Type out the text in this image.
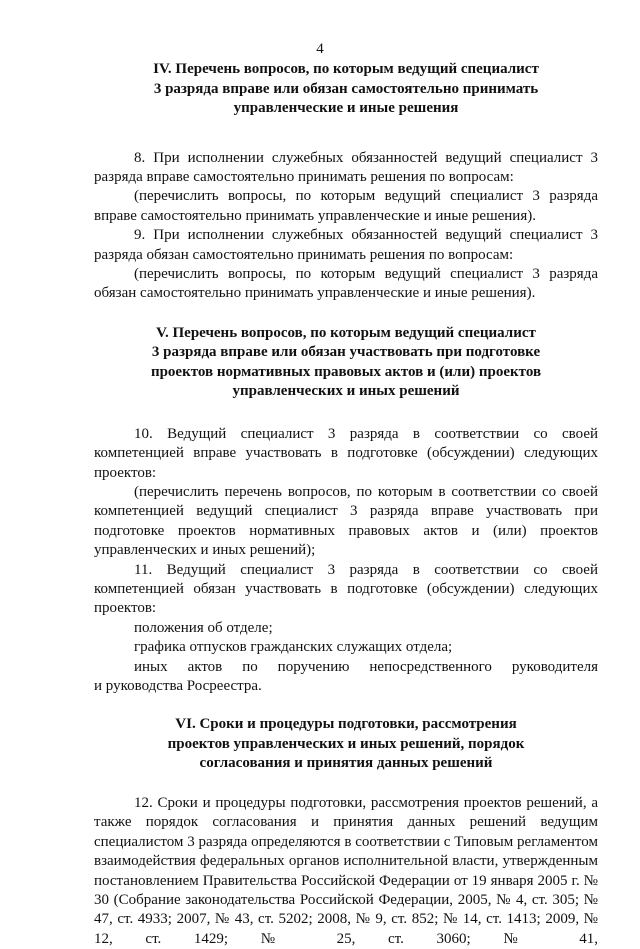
4
IV. Перечень вопросов, по которым ведущий специалист
3 разряда вправе или обязан самостоятельно принимать
управленческие и иные решения

8. При исполнении служебных обязанностей ведущий специалист 3 разряда вправе самостоятельно принимать решения по вопросам:

(перечислить вопросы, по которым ведущий специалист 3 разряда вправе самостоятельно принимать управленческие и иные решения).

9. При исполнении служебных обязанностей ведущий специалист 3 разряда обязан самостоятельно принимать решения по вопросам:

(перечислить вопросы, по которым ведущий специалист 3 разряда обязан самостоятельно принимать управленческие и иные решения).

V. Перечень вопросов, по которым ведущий специалист
3 разряда вправе или обязан участвовать при подготовке
проектов нормативных правовых актов и (или) проектов
управленческих и иных решений

10. Ведущий специалист 3 разряда в соответствии со своей компетенцией вправе участвовать в подготовке (обсуждении) следующих проектов:

(перечислить перечень вопросов, по которым в соответствии со своей компетенцией ведущий специалист 3 разряда вправе участвовать при подготовке проектов нормативных правовых актов и (или) проектов управленческих и иных решений);

11. Ведущий специалист 3 разряда в соответствии со своей компетенцией обязан участвовать в подготовке (обсуждении) следующих проектов:

положения об отделе;

графика отпусков гражданских служащих отдела;

иных актов по поручению непосредственного руководителя

и руководства Росреестра.

VI. Сроки и процедуры подготовки, рассмотрения
проектов управленческих и иных решений, порядок
согласования и принятия данных решений

12. Сроки и процедуры подготовки, рассмотрения проектов решений, а также порядок согласования и принятия данных решений ведущим специалистом 3 разряда определяются в соответствии с Типовым регламентом взаимодействия федеральных органов исполнительной власти, утвержденным постановлением Правительства Российской Федерации от 19 января 2005 г. № 30 (Собрание законодательства Российской Федерации, 2005, № 4, ст. 305; № 47, ст. 4933; 2007, № 43, ст. 5202; 2008, № 9, ст. 852; № 14, ст. 1413; 2009, № 12, ст. 1429; № 25, ст. 3060; № 41,
